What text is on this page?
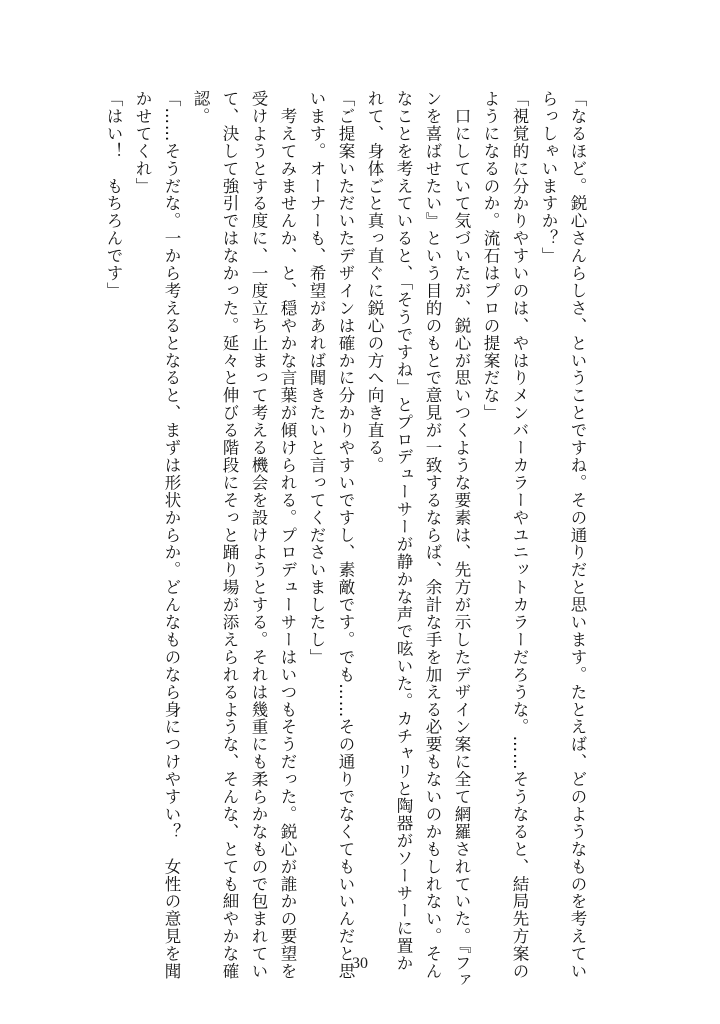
「なるほど。鋭心さんらしさ、ということですね。その通りだと思います。たとえば、どのようなものを考えてい

らっしゃいますか？」

「視覚的に分かりやすいのは、やはりメンバーカラーやユニットカラーだろうな。……そうなると、結局先方案の

ようになるのか。流石はプロの提案だな」

　口にしていて気づいたが、鋭心が思いつくような要素は、先方が示したデザイン案に全て網羅されていた。『ファ

ンを喜ばせたい』という目的のもとで意見が一致するならば、余計な手を加える必要もないのかもしれない。そん

なことを考えていると、「そうですね」とプロデューサーが静かな声で呟いた。カチャリと陶器がソーサーに置か

れて、身体ごと真っ直ぐに鋭心の方へ向き直る。

「ご提案いただいたデザインは確かに分かりやすいですし、素敵です。でも……その通りでなくてもいいんだと思

います。オーナーも、希望があれば聞きたいと言ってくださいましたし」

　考えてみませんか、と、穏やかな言葉が傾けられる。プロデューサーはいつもそうだった。鋭心が誰かの要望を

受けようとする度に、一度立ち止まって考える機会を設けようとする。それは幾重にも柔らかなもので包まれてい

て、決して強引ではなかった。延々と伸びる階段にそっと踊り場が添えられるような、そんな、とても細やかな確

認。

「……そうだな。一から考えるとなると、まずは形状からか。どんなものなら身につけやすい？　女性の意見を聞

かせてくれ」

「はい！　もちろんです」

30
